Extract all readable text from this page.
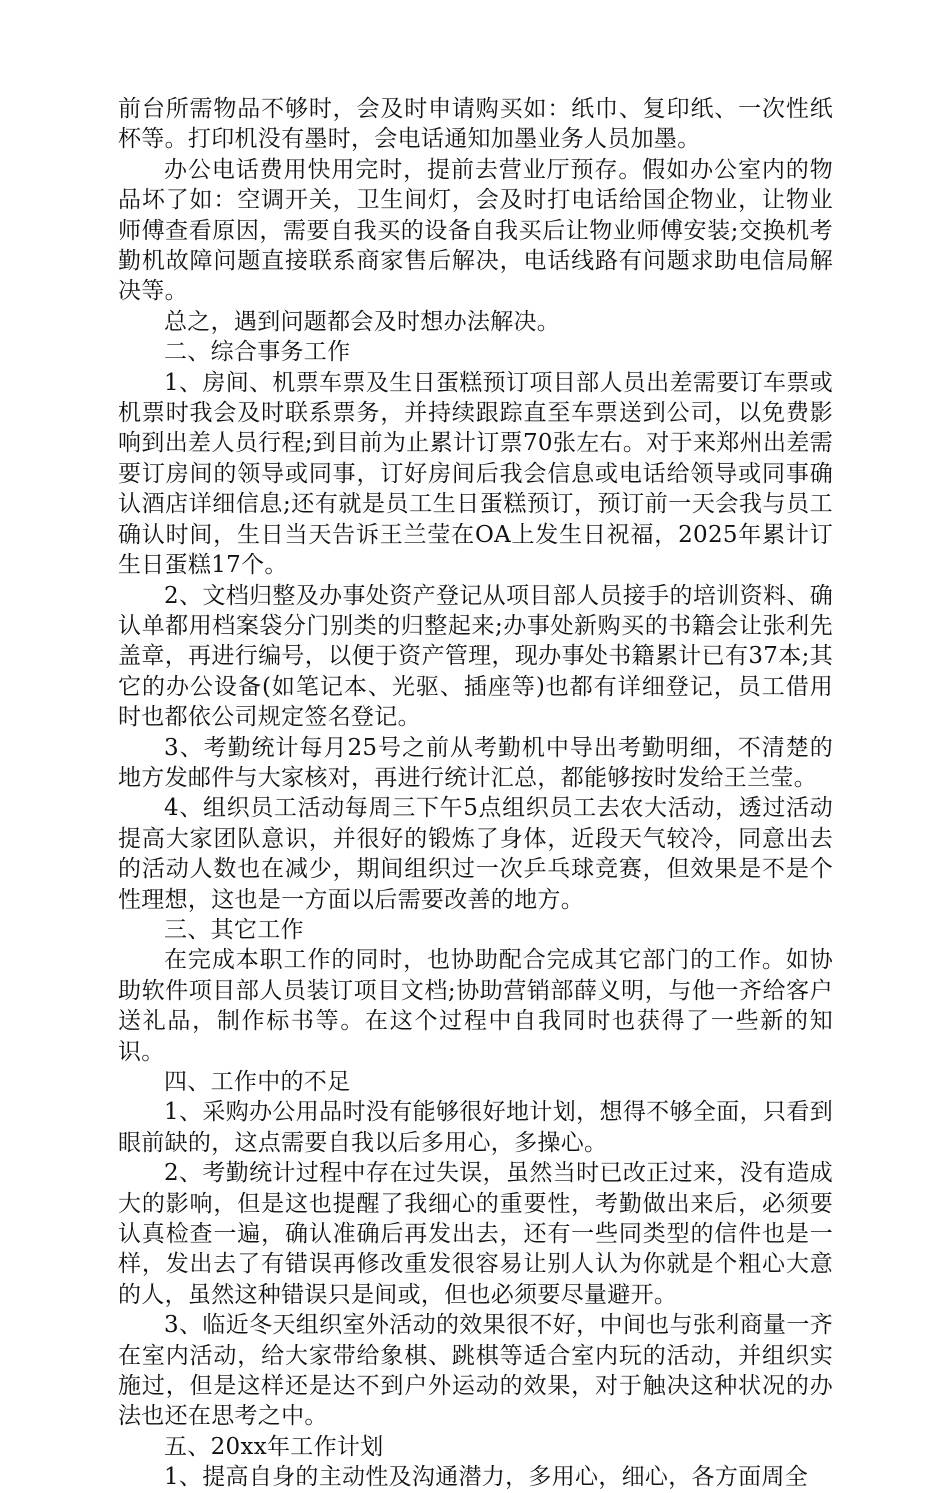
前台所需物品不够时，会及时申请购买如：纸巾、复印纸、一次性纸杯等。打印机没有墨时，会电话通知加墨业务人员加墨。

办公电话费用快用完时，提前去营业厅预存。假如办公室内的物品坏了如：空调开关，卫生间灯，会及时打电话给国企物业，让物业师傅查看原因，需要自我买的设备自我买后让物业师傅安装;交换机考勤机故障问题直接联系商家售后解决，电话线路有问题求助电信局解决等。

总之，遇到问题都会及时想办法解决。

二、综合事务工作

1、房间、机票车票及生日蛋糕预订项目部人员出差需要订车票或机票时我会及时联系票务，并持续跟踪直至车票送到公司，以免费影响到出差人员行程;到目前为止累计订票70张左右。对于来郑州出差需要订房间的领导或同事，订好房间后我会信息或电话给领导或同事确认酒店详细信息;还有就是员工生日蛋糕预订，预订前一天会我与员工确认时间，生日当天告诉王兰莹在OA上发生日祝福，2025年累计订生日蛋糕17个。

2、文档归整及办事处资产登记从项目部人员接手的培训资料、确认单都用档案袋分门别类的归整起来;办事处新购买的书籍会让张利先盖章，再进行编号，以便于资产管理，现办事处书籍累计已有37本;其它的办公设备(如笔记本、光驱、插座等)也都有详细登记，员工借用时也都依公司规定签名登记。

3、考勤统计每月25号之前从考勤机中导出考勤明细，不清楚的地方发邮件与大家核对，再进行统计汇总，都能够按时发给王兰莹。

4、组织员工活动每周三下午5点组织员工去农大活动，透过活动提高大家团队意识，并很好的锻炼了身体，近段天气较冷，同意出去的活动人数也在减少，期间组织过一次乒乓球竞赛，但效果是不是个性理想，这也是一方面以后需要改善的地方。

三、其它工作

在完成本职工作的同时，也协助配合完成其它部门的工作。如协助软件项目部人员装订项目文档;协助营销部薛义明，与他一齐给客户送礼品，制作标书等。在这个过程中自我同时也获得了一些新的知识。

四、工作中的不足

1、采购办公用品时没有能够很好地计划，想得不够全面，只看到眼前缺的，这点需要自我以后多用心，多操心。

2、考勤统计过程中存在过失误，虽然当时已改正过来，没有造成大的影响，但是这也提醒了我细心的重要性，考勤做出来后，必须要认真检查一遍，确认准确后再发出去，还有一些同类型的信件也是一样，发出去了有错误再修改重发很容易让别人认为你就是个粗心大意的人，虽然这种错误只是间或，但也必须要尽量避开。

3、临近冬天组织室外活动的效果很不好，中间也与张利商量一齐在室内活动，给大家带给象棋、跳棋等适合室内玩的活动，并组织实施过，但是这样还是达不到户外运动的效果，对于触决这种状况的办法也还在思考之中。

五、20xx年工作计划

1、提高自身的主动性及沟通潜力，多用心，细心，各方面周全
